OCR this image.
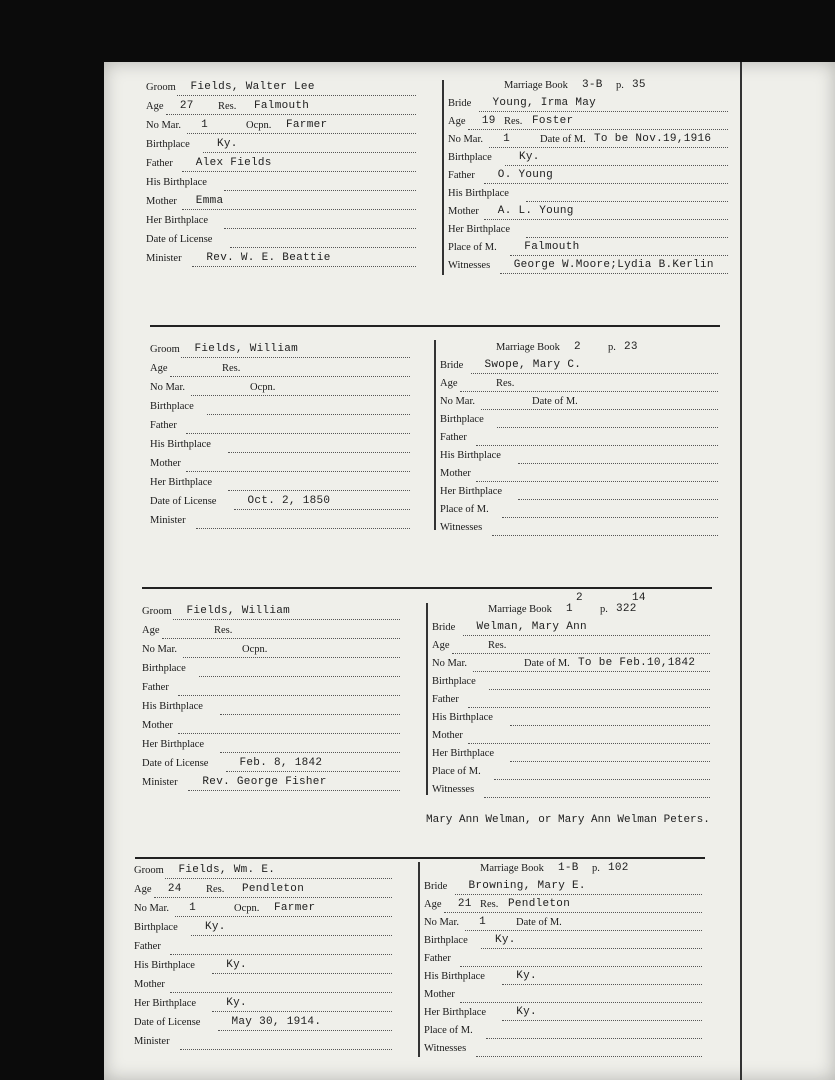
Groom Fields, Walter Lee
Age 27 Res. Falmouth
No Mar. 1	Ocpn. Farmer
Birthplace Ky.
Father Alex Fields
His Birthplace
Mother Emma
Her Birthplace
Date of License
Minister Rev. W. E. Beattie
Marriage Book 3-B p. 35
Bride Young, Irma May
Age 19 Res. Foster
No Mar. 1	Date of M. To be Nov.19,1916
Birthplace Ky.
Father O. Young
His Birthplace
Mother A. L. Young
Her Birthplace
Place of M.	Falmouth
Witnesses George W.Moore;Lydia B.Kerlin
Groom Fields, William
Age	Res.
No Mar.	Ocpn.
Birthplace
Father
His Birthplace
Mother
Her Birthplace
Date of License	Oct. 2, 1850
Minister
Marriage Book 2	p. 23
Bride Swope, Mary C.
Age	Res.
No Mar.	Date of M.
Birthplace
Father
His Birthplace
Mother
Her Birthplace
Place of M.
Witnesses
Groom Fields, William
Age	Res.
No Mar.	Ocpn.
Birthplace
Father
His Birthplace
Mother
Her Birthplace
Date of License	Feb. 8, 1842
Minister Rev. George Fisher
Marriage Book 1	p. 322
2	14
Bride Welman, Mary Ann
Age	Res.
No Mar.	Date of M. To be Feb.10,1842
Birthplace
Father
His Birthplace
Mother
Her Birthplace
Place of M.
Witnesses
Mary Ann Welman, or Mary Ann Welman Peters.
Groom Fields, Wm. E.
Age 24 Res. Pendleton
No Mar. 1	Ocpn. Farmer
Birthplace Ky.
Father
His Birthplace	Ky.
Mother
Her Birthplace	Ky.
Date of License	May 30, 1914.
Minister
Marriage Book 1-B p. 102
Bride Browning, Mary E.
Age 21 Res. Pendleton
No Mar. 1	Date of M.
Birthplace Ky.
Father
His Birthplace	Ky.
Mother
Her Birthplace	Ky.
Place of M.
Witnesses
